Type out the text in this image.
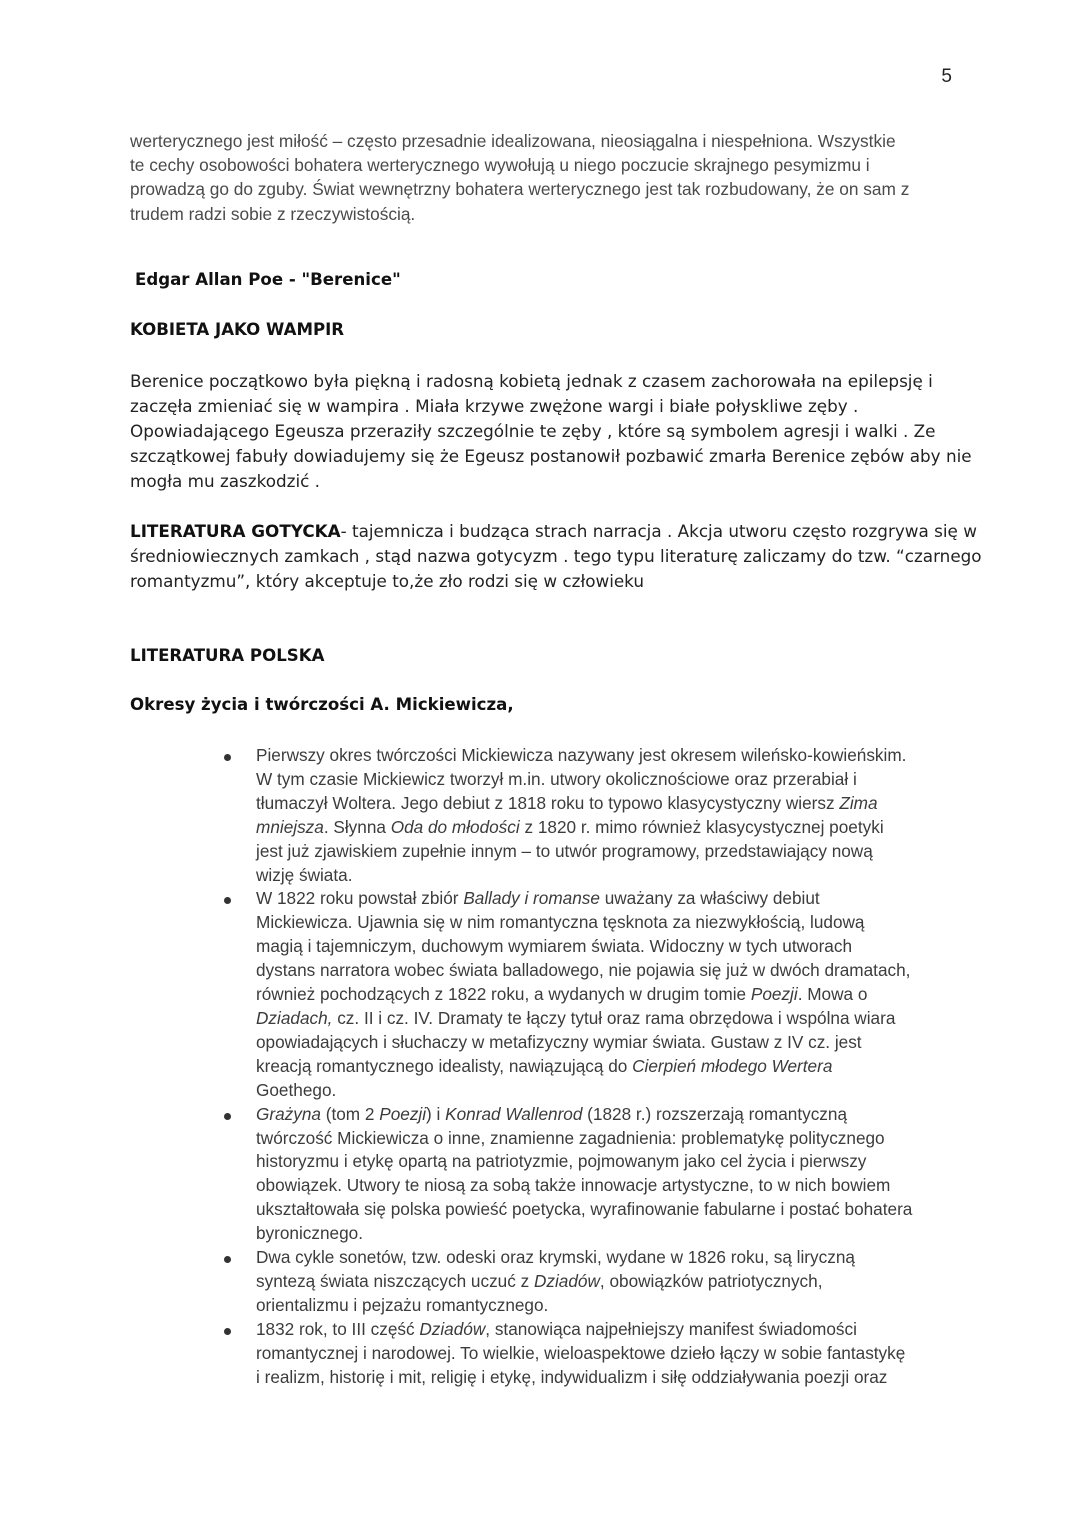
5
werterycznego jest miłość – często przesadnie idealizowana, nieosiągalna i niespełniona. Wszystkie
te cechy osobowości bohatera werterycznego wywołują u niego poczucie skrajnego pesymizmu i
prowadzą go do zguby. Świat wewnętrzny bohatera werterycznego jest tak rozbudowany, że on sam z
trudem radzi sobie z rzeczywistością.
Edgar Allan Poe - "Berenice"
KOBIETA JAKO WAMPIR
Berenice początkowo była piękną i radosną kobietą jednak z czasem zachorowała na epilepsję i
zaczęła zmieniać się w wampira . Miała krzywe zwężone wargi i białe połyskliwe zęby .
Opowiadającego Egeusza przeraziły szczególnie te zęby , które są symbolem agresji i walki . Ze
szczątkowej fabuły dowiadujemy się że Egeusz postanowił pozbawić zmarła Berenice zębów aby nie
mogła mu zaszkodzić .
LITERATURA GOTYCKA- tajemnicza i budząca strach narracja . Akcja utworu często rozgrywa się w
średniowiecznych zamkach , stąd nazwa gotycyzm . tego typu literaturę zaliczamy do tzw. “czarnego
romantyzmu”, który akceptuje to,że zło rodzi się w człowieku
LITERATURA POLSKA
Okresy życia i twórczości A. Mickiewicza,
Pierwszy okres twórczości Mickiewicza nazywany jest okresem wileńsko-kowieńskim.
W tym czasie Mickiewicz tworzył m.in. utwory okolicznościowe oraz przerabiał i
tłumaczył Woltera. Jego debiut z 1818 roku to typowo klasycystyczny wiersz Zima
mniejsza. Słynna Oda do młodości z 1820 r. mimo również klasycystycznej poetyki
jest już zjawiskiem zupełnie innym – to utwór programowy, przedstawiający nową
wizję świata.
W 1822 roku powstał zbiór Ballady i romanse uważany za właściwy debiut
Mickiewicza. Ujawnia się w nim romantyczna tęsknota za niezwykłością, ludową
magią i tajemniczym, duchowym wymiarem świata. Widoczny w tych utworach
dystans narratora wobec świata balladowego, nie pojawia się już w dwóch dramatach,
również pochodzących z 1822 roku, a wydanych w drugim tomie Poezji. Mowa o
Dziadach, cz. II i cz. IV. Dramaty te łączy tytuł oraz rama obrzędowa i wspólna wiara
opowiadających i słuchaczy w metafizyczny wymiar świata. Gustaw z IV cz. jest
kreacją romantycznego idealisty, nawiązującą do Cierpień młodego Wertera
Goethego.
Grażyna (tom 2 Poezji) i Konrad Wallenrod (1828 r.) rozszerzają romantyczną
twórczość Mickiewicza o inne, znamienne zagadnienia: problematykę politycznego
historyzmu i etykę opartą na patriotyzmie, pojmowanym jako cel życia i pierwszy
obowiązek. Utwory te niosą za sobą także innowacje artystyczne, to w nich bowiem
ukształtowała się polska powieść poetycka, wyrafinowanie fabularne i postać bohatera
byronicznego.
Dwa cykle sonetów, tzw. odeski oraz krymski, wydane w 1826 roku, są liryczną
syntezą świata niszczących uczuć z Dziadów, obowiązków patriotycznych,
orientalizmu i pejzażu romantycznego.
1832 rok, to III część Dziadów, stanowiąca najpełniejszy manifest świadomości
romantycznej i narodowej. To wielkie, wieloaspektowe dzieło łączy w sobie fantastykę
i realizm, historię i mit, religię i etykę, indywidualizm i siłę oddziaływania poezji oraz
